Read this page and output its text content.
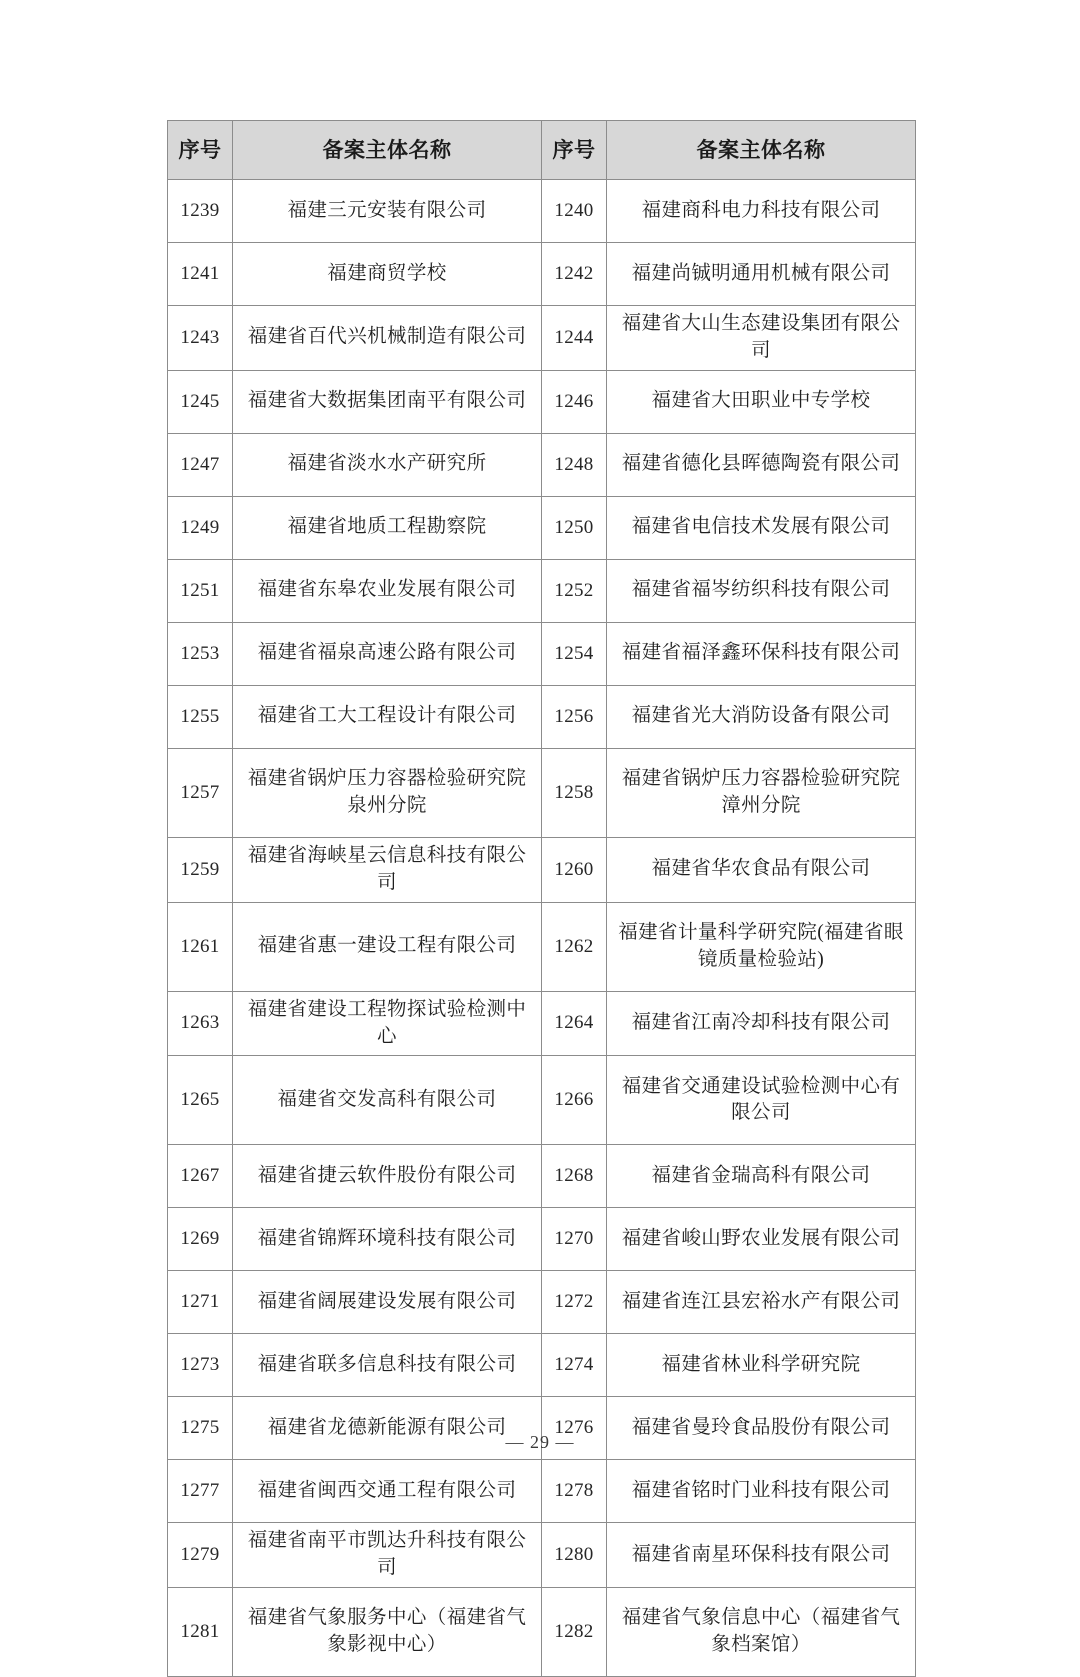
序号	备案主体名称	序号	备案主体名称
1239	福建三元安装有限公司	1240	福建商科电力科技有限公司
1241	福建商贸学校	1242	福建尚铖明通用机械有限公司
1243	福建省百代兴机械制造有限公司	1244	福建省大山生态建设集团有限公司
1245	福建省大数据集团南平有限公司	1246	福建省大田职业中专学校
1247	福建省淡水水产研究所	1248	福建省德化县晖德陶瓷有限公司
1249	福建省地质工程勘察院	1250	福建省电信技术发展有限公司
1251	福建省东皋农业发展有限公司	1252	福建省福岑纺织科技有限公司
1253	福建省福泉高速公路有限公司	1254	福建省福泽鑫环保科技有限公司
1255	福建省工大工程设计有限公司	1256	福建省光大消防设备有限公司
1257	福建省锅炉压力容器检验研究院泉州分院	1258	福建省锅炉压力容器检验研究院漳州分院
1259	福建省海峡星云信息科技有限公司	1260	福建省华农食品有限公司
1261	福建省惠一建设工程有限公司	1262	福建省计量科学研究院(福建省眼镜质量检验站)
1263	福建省建设工程物探试验检测中心	1264	福建省江南冷却科技有限公司
1265	福建省交发高科有限公司	1266	福建省交通建设试验检测中心有限公司
1267	福建省捷云软件股份有限公司	1268	福建省金瑞高科有限公司
1269	福建省锦辉环境科技有限公司	1270	福建省峻山野农业发展有限公司
1271	福建省阔展建设发展有限公司	1272	福建省连江县宏裕水产有限公司
1273	福建省联多信息科技有限公司	1274	福建省林业科学研究院
1275	福建省龙德新能源有限公司	1276	福建省曼玲食品股份有限公司
1277	福建省闽西交通工程有限公司	1278	福建省铭时门业科技有限公司
1279	福建省南平市凯达升科技有限公司	1280	福建省南星环保科技有限公司
1281	福建省气象服务中心（福建省气象影视中心）	1282	福建省气象信息中心（福建省气象档案馆）
— 29 —
